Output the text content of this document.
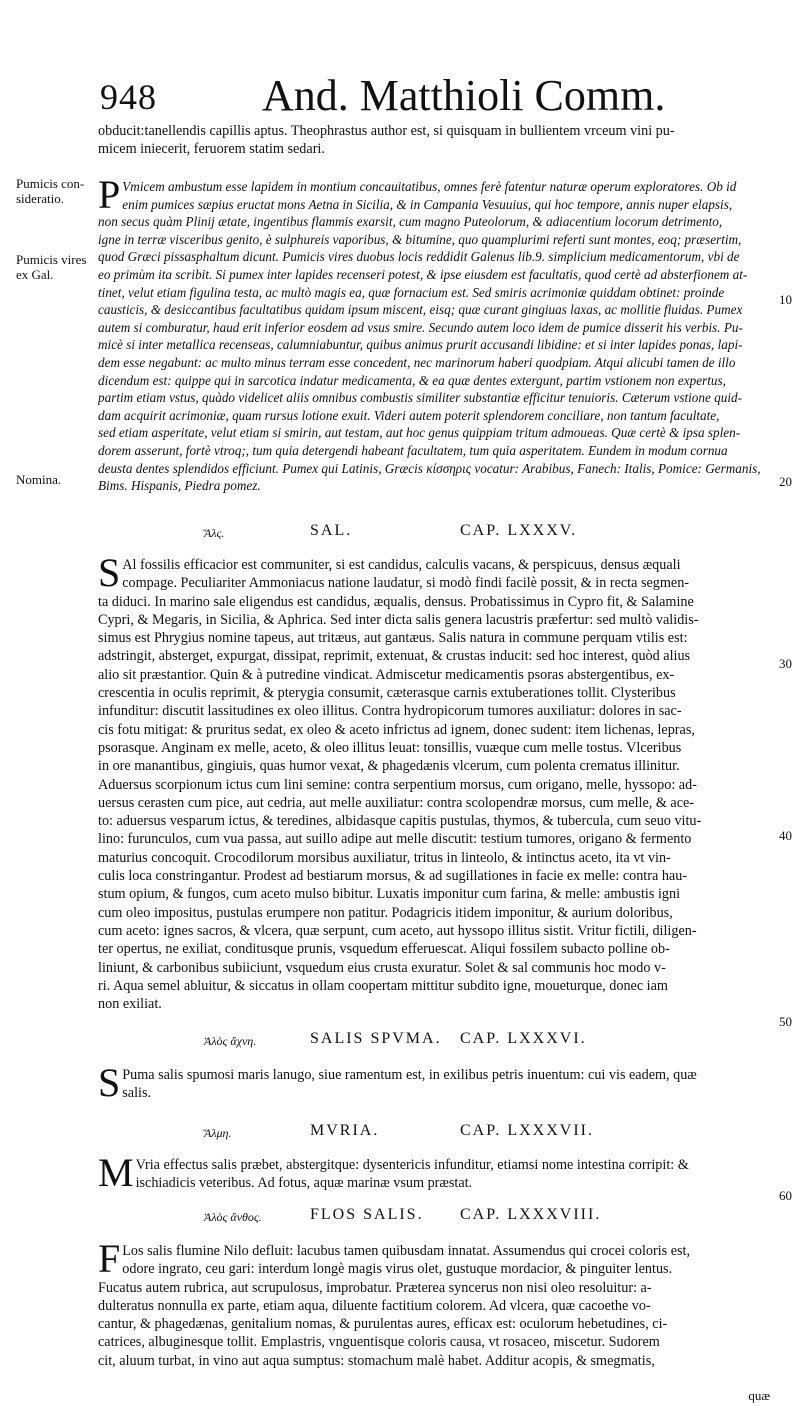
948 And. Matthioli Comm.
obducit:tanellendis capillis aptus. Theophrastus author est, si quisquam in bullientem vrceum vini pu-
micem iniecerit, feruorem statim sedari.
Pumicis con-
sideratio.
Pumicis vires
ex Gal.
Nomina.
10
20
30
40
50
60
P Vmicem ambustum esse lapidem in montium concauitatibus, omnes ferè fatentur naturæ operum exploratores. Ob id
enim pumices sæpius eructat mons Aetna in Sicilia, & in Campania Vesuuius, qui hoc tempore, annis nuper elapsis,
non secus quàm Plinij ætate, ingentibus flammis exarsit, cum magno Puteolorum, & adiacentium locorum detrimento,
igne in terræ visceribus genito, è sulphureis vaporibus, & bitumine, quo quamplurimi referti sunt montes, eoq; præsertim,
quod Græci pissasphaltum dicunt. Pumicis vires duobus locis reddidit Galenus lib.9. simplicium medicamentorum, vbi de
eo primùm ita scribit. Si pumex inter lapides recenseri potest, & ipse eiusdem est facultatis, quod certè ad absterfionem at-
tinet, velut etiam figulina testa, ac multò magis ea, quæ fornacium est. Sed smiris acrimoniæ quiddam obtinet: proinde
causticis, & desiccantibus facultatibus quidam ipsum miscent, eisq; quæ curant gingiuas laxas, ac mollitie fluidas. Pumex
autem si comburatur, haud erit inferior eosdem ad vsus smire. Secundo autem loco idem de pumice disserit his verbis. Pu-
micè si inter metallica recenseas, calumniabuntur, quibus animus prurit accusandi libidine: et si inter lapides ponas, lapi-
dem esse negabunt: ac multo minus terram esse concedent, nec marinorum haberi quodpiam. Atqui alicubi tamen de illo
dicendum est: quippe qui in sarcotica indatur medicamenta, & ea quæ dentes extergunt, partim vstionem non expertus,
partim etiam vstus, quàdo videlicet aliis omnibus combustis similiter substantiæ efficitur tenuioris. Cæterum vstione quid-
dam acquirit acrimoniæ, quam rursus lotione exuit. Videri autem poterit splendorem conciliare, non tantum facultate,
sed etiam asperitate, velut etiam si smirin, aut testam, aut hoc genus quippiam tritum admoueas. Quæ certè & ipsa splen-
dorem asserunt, fortè vtroq;, tum quia detergendi habeant facultatem, tum quia asperitatem. Eundem in modum cornua
deusta dentes splendidos efficiunt. Pumex qui Latinis, Græcis κίσσηρις vocatur: Arabibus, Fanech: Italis, Pomice: Germanis,
Bims. Hispanis, Piedra pomez.
Ἅλς.	SAL.	CAP. LXXXV.
S Al fossilis efficacior est communiter, si est candidus, calculis vacans, & perspicuus, densus æquali
compage. Peculiariter Ammoniacus natione laudatur, si modò findi facilè possit, & in recta segmen-
ta diduci. In marino sale eligendus est candidus, æqualis, densus. Probatissimus in Cypro fit, & Salamine
Cypri, & Megaris, in Sicilia, & Aphrica. Sed inter dicta salis genera lacustris præfertur: sed multò validis-
simus est Phrygius nomine tapeus, aut tritæus, aut gantæus. Salis natura in commune perquam vtilis est:
adstringit, absterget, expurgat, dissipat, reprimit, extenuat, & crustas inducit: sed hoc interest, quòd alius
alio sit præstantior. Quin & à putredine vindicat. Admiscetur medicamentis psoras abstergentibus, ex-
crescentia in oculis reprimit, & pterygia consumit, cæterasque carnis extuberationes tollit. Clysteribus
infunditur: discutit lassitudines ex oleo illitus. Contra hydropicorum tumores auxiliatur: dolores in sac-
cis fotu mitigat: & pruritus sedat, ex oleo & aceto infrictus ad ignem, donec sudent: item lichenas, lepras,
psorasque. Anginam ex melle, aceto, & oleo illitus leuat: tonsillis, vuæque cum melle tostus. Vlceribus
in ore manantibus, gingiuis, quas humor vexat, & phagedænis vlcerum, cum polenta crematus illinitur.
Aduersus scorpionum ictus cum lini semine: contra serpentium morsus, cum origano, melle, hyssopo: ad-
uersus cerasten cum pice, aut cedria, aut melle auxiliatur: contra scolopendræ morsus, cum melle, & ace-
to: aduersus vesparum ictus, & teredines, albidasque capitis pustulas, thymos, & tubercula, cum seuo vitu-
lino: furunculos, cum vua passa, aut suillo adipe aut melle discutit: testium tumores, origano & fermento
maturius concoquit. Crocodilorum morsibus auxiliatur, tritus in linteolo, & intinctus aceto, ita vt vin-
culis loca constringantur. Prodest ad bestiarum morsus, & ad sugillationes in facie ex melle: contra hau-
stum opium, & fungos, cum aceto mulso bibitur. Luxatis imponitur cum farina, & melle: ambustis igni
cum oleo impositus, pustulas erumpere non patitur. Podagricis itidem imponitur, & aurium doloribus,
cum aceto: ignes sacros, & vlcera, quæ serpunt, cum aceto, aut hyssopo illitus sistit. Vritur fictili, diligen-
ter opertus, ne exiliat, conditusque prunis, vsquedum efferuescat. Aliqui fossilem subacto polline ob-
liniunt, & carbonibus subiiciunt, vsquedum eius crusta exuratur. Solet & sal communis hoc modo v-
ri. Aqua semel abluitur, & siccatus in ollam coopertam mittitur subdito igne, moueturque, donec iam
non exiliat.
Ἁλὸς ἄχνη.	SALIS SPVMA. CAP. LXXXVI.
S Puma salis spumosi maris lanugo, siue ramentum est, in exilibus petris inuentum: cui vis eadem, quæ
salis.
Ἅλμη.	MVRIA.	CAP. LXXXVII.
M Vria effectus salis præbet, abstergitque: dysentericis infunditur, etiamsi nome intestina corripit: &
ischiadicis veteribus. Ad fotus, aquæ marinæ vsum præstat.
Ἁλὸς ἄνθος.	FLOS SALIS. CAP. LXXXVIII.
F Los salis flumine Nilo defluit: lacubus tamen quibusdam innatat. Assumendus qui crocei coloris est,
odore ingrato, ceu gari: interdum longè magis virus olet, gustuque mordacior, & pinguiter lentus.
Fucatus autem rubrica, aut scrupulosus, improbatur. Præterea syncerus non nisi oleo resoluitur: a-
dulteratus nonnulla ex parte, etiam aqua, diluente factitium colorem. Ad vlcera, quæ cacoethe vo-
cantur, & phagedænas, genitalium nomas, & purulentas aures, efficax est: oculorum hebetudines, ci-
catrices, albuginesque tollit. Emplastris, vnguentisque coloris causa, vt rosaceo, miscetur. Sudorem
cit, aluum turbat, in vino aut aqua sumptus: stomachum malè habet. Additur acopis, & smegmatis,
quæ
